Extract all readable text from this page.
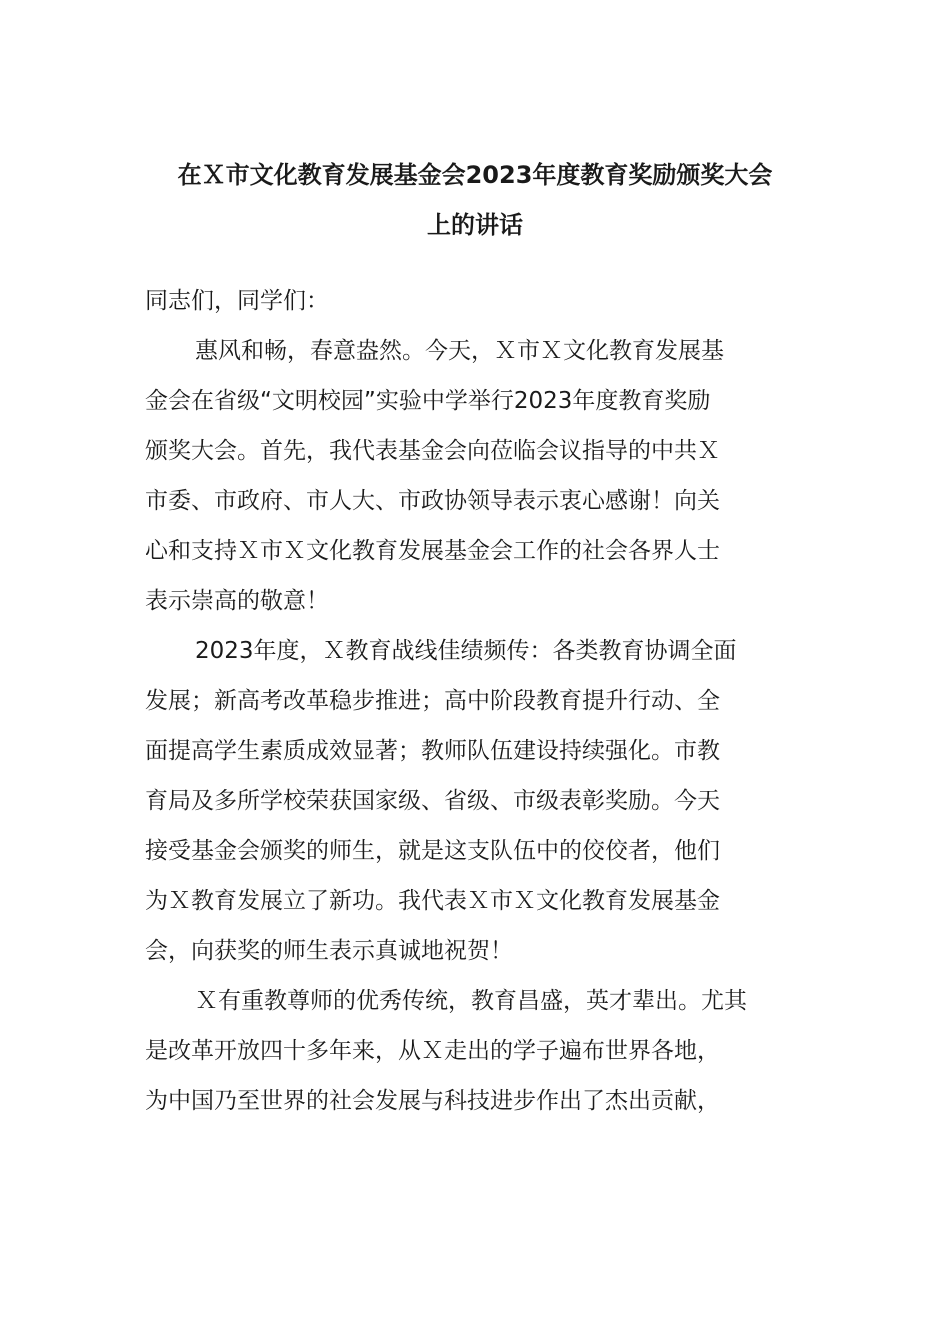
在Ｘ市文化教育发展基金会2023年度教育奖励颁奖大会
上的讲话
同志们，同学们：
惠风和畅，春意盎然。今天，Ｘ市Ｘ文化教育发展基
金会在省级“文明校园”实验中学举行2023年度教育奖励
颁奖大会。首先，我代表基金会向莅临会议指导的中共Ｘ
市委、市政府、市人大、市政协领导表示衷心感谢！向关
心和支持Ｘ市Ｘ文化教育发展基金会工作的社会各界人士
表示崇高的敬意！
2023年度，Ｘ教育战线佳绩频传：各类教育协调全面
发展；新高考改革稳步推进；高中阶段教育提升行动、全
面提高学生素质成效显著；教师队伍建设持续强化。市教
育局及多所学校荣获国家级、省级、市级表彰奖励。今天
接受基金会颁奖的师生，就是这支队伍中的佼佼者，他们
为Ｘ教育发展立了新功。我代表Ｘ市Ｘ文化教育发展基金
会，向获奖的师生表示真诚地祝贺！
Ｘ有重教尊师的优秀传统，教育昌盛，英才辈出。尤其
是改革开放四十多年来，从Ｘ走出的学子遍布世界各地，
为中国乃至世界的社会发展与科技进步作出了杰出贡献，
